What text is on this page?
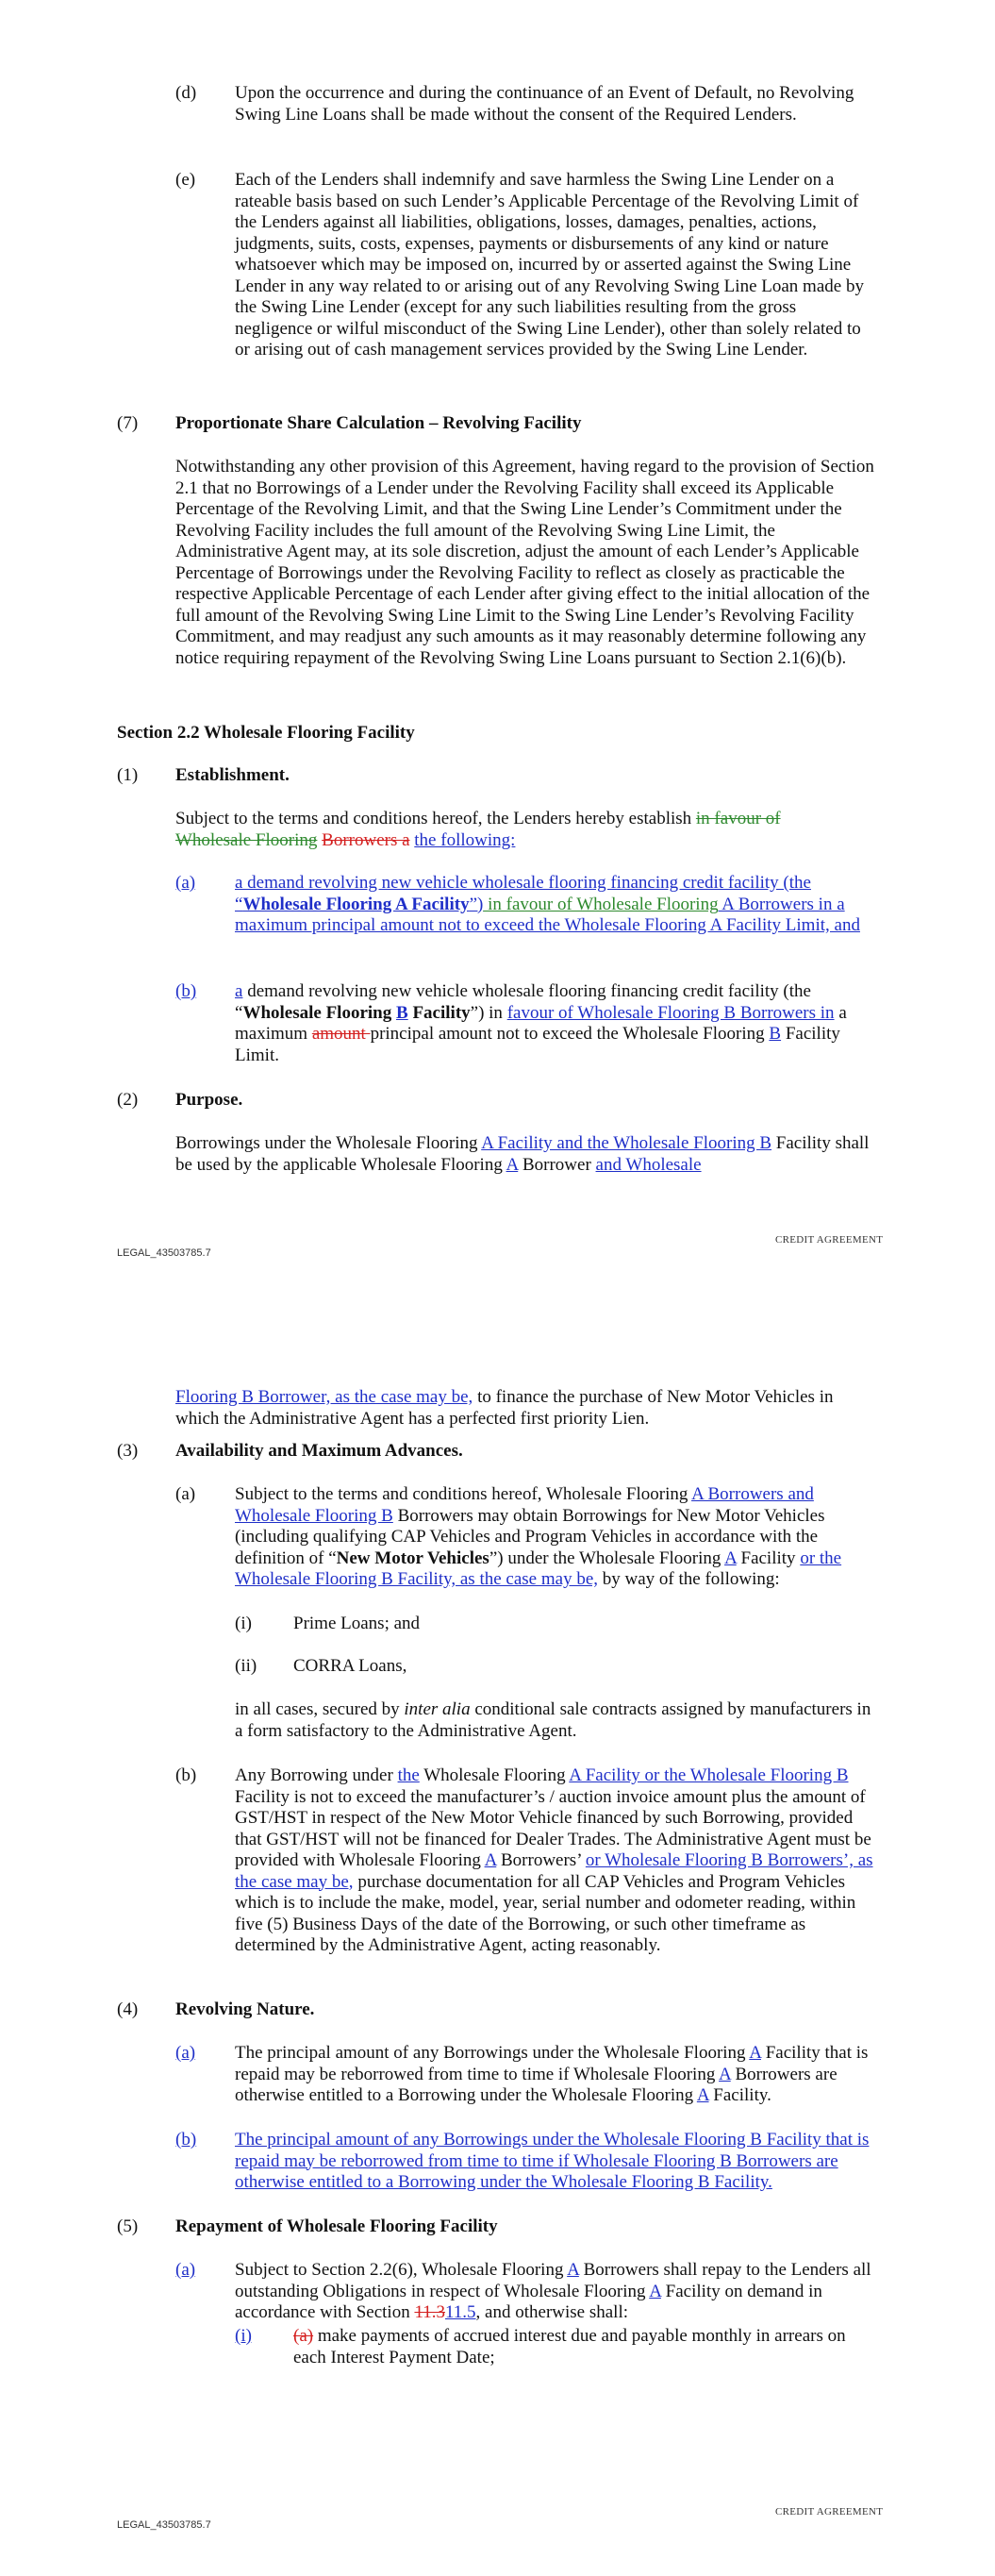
(d) Upon the occurrence and during the continuance of an Event of Default, no Revolving Swing Line Loans shall be made without the consent of the Required Lenders.

(e) Each of the Lenders shall indemnify and save harmless the Swing Line Lender on a rateable basis based on such Lender’s Applicable Percentage of the Revolving Limit of the Lenders against all liabilities, obligations, losses, damages, penalties, actions, judgments, suits, costs, expenses, payments or disbursements of any kind or nature whatsoever which may be imposed on, incurred by or asserted against the Swing Line Lender in any way related to or arising out of any Revolving Swing Line Loan made by the Swing Line Lender (except for any such liabilities resulting from the gross negligence or wilful misconduct of the Swing Line Lender), other than solely related to or arising out of cash management services provided by the Swing Line Lender.

(7) Proportionate Share Calculation – Revolving Facility

Notwithstanding any other provision of this Agreement, having regard to the provision of Section 2.1 that no Borrowings of a Lender under the Revolving Facility shall exceed its Applicable Percentage of the Revolving Limit, and that the Swing Line Lender’s Commitment under the Revolving Facility includes the full amount of the Revolving Swing Line Limit, the Administrative Agent may, at its sole discretion, adjust the amount of each Lender’s Applicable Percentage of Borrowings under the Revolving Facility to reflect as closely as practicable the respective Applicable Percentage of each Lender after giving effect to the initial allocation of the full amount of the Revolving Swing Line Limit to the Swing Line Lender’s Revolving Facility Commitment, and may readjust any such amounts as it may reasonably determine following any notice requiring repayment of the Revolving Swing Line Loans pursuant to Section 2.1(6)(b).

Section 2.2 Wholesale Flooring Facility
(1) Establishment.

Subject to the terms and conditions hereof, the Lenders hereby establish in favour of
Wholesale Flooring Borrowers a the following:

(a) a demand revolving new vehicle wholesale flooring financing credit facility (the “Wholesale Flooring A Facility”) in favour of Wholesale Flooring A Borrowers in a maximum principal amount not to exceed the Wholesale Flooring A Facility Limit, and

(b) a demand revolving new vehicle wholesale flooring financing credit facility (the “Wholesale Flooring B Facility”) in favour of Wholesale Flooring B Borrowers in a maximum amount principal amount not to exceed the Wholesale Flooring B Facility Limit.

(2) Purpose.

Borrowings under the Wholesale Flooring A Facility and the Wholesale Flooring B Facility shall be used by the applicable Wholesale Flooring A Borrower and Wholesale

CREDIT AGREEMENT
LEGAL_43503785.7

Flooring B Borrower, as the case may be, to finance the purchase of New Motor Vehicles in which the Administrative Agent has a perfected first priority Lien.

(3) Availability and Maximum Advances.
(a) Subject to the terms and conditions hereof, Wholesale Flooring A Borrowers and Wholesale Flooring B Borrowers may obtain Borrowings for New Motor Vehicles (including qualifying CAP Vehicles and Program Vehicles in accordance with the definition of “New Motor Vehicles”) under the Wholesale Flooring A Facility or the Wholesale Flooring B Facility, as the case may be, by way of the following:

(i) Prime Loans; and
(ii) CORRA Loans,

in all cases, secured by inter alia conditional sale contracts assigned by manufacturers in a form satisfactory to the Administrative Agent.

(b) Any Borrowing under the Wholesale Flooring A Facility or the Wholesale Flooring B Facility is not to exceed the manufacturer’s / auction invoice amount plus the amount of GST/HST in respect of the New Motor Vehicle financed by such Borrowing, provided that GST/HST will not be financed for Dealer Trades. The Administrative Agent must be provided with Wholesale Flooring A Borrowers’ or Wholesale Flooring B Borrowers’, as the case may be, purchase documentation for all CAP Vehicles and Program Vehicles which is to include the make, model, year, serial number and odometer reading, within five (5) Business Days of the date of the Borrowing, or such other timeframe as determined by the Administrative Agent, acting reasonably.

(4) Revolving Nature.
(a) The principal amount of any Borrowings under the Wholesale Flooring A Facility that is repaid may be reborrowed from time to time if Wholesale Flooring A Borrowers are otherwise entitled to a Borrowing under the Wholesale Flooring A Facility.

(b) The principal amount of any Borrowings under the Wholesale Flooring B Facility that is repaid may be reborrowed from time to time if Wholesale Flooring B Borrowers are otherwise entitled to a Borrowing under the Wholesale Flooring B Facility.

(5) Repayment of Wholesale Flooring Facility
(a) Subject to Section 2.2(6), Wholesale Flooring A Borrowers shall repay to the Lenders all outstanding Obligations in respect of Wholesale Flooring A Facility on demand in accordance with Section 11.311.5, and otherwise shall:

(i) (a) make payments of accrued interest due and payable monthly in arrears on each Interest Payment Date;

CREDIT AGREEMENT
LEGAL_43503785.7
